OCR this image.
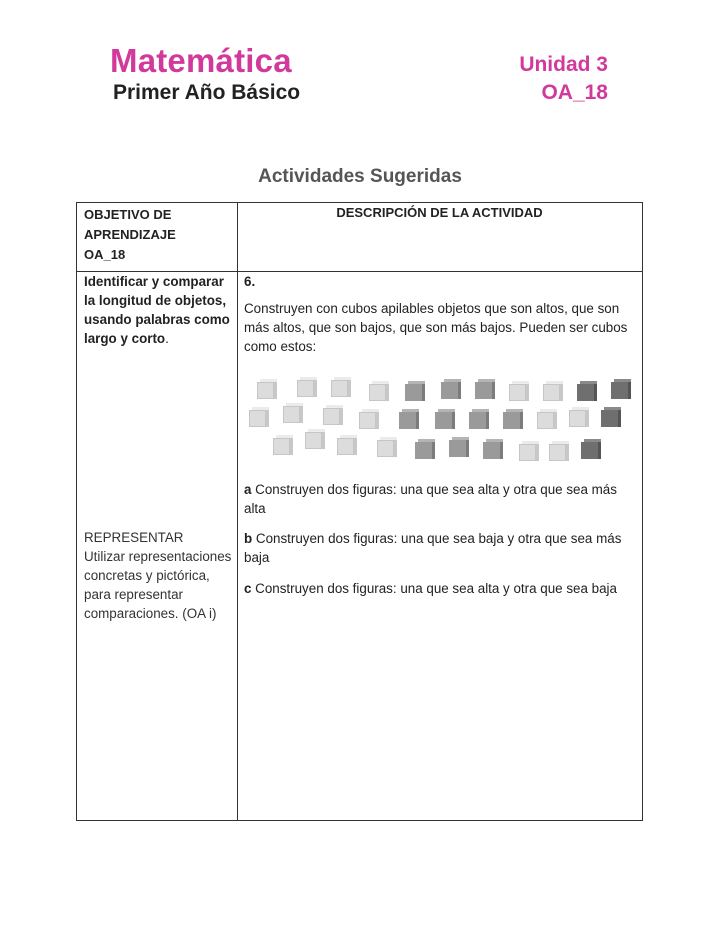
Matemática
Primer Año Básico
Unidad 3
OA_18
Actividades Sugeridas
OBJETIVO DE
APRENDIZAJE
OA_18
DESCRIPCIÓN DE LA ACTIVIDAD
Identificar y comparar la longitud de objetos, usando palabras como largo y corto.
REPRESENTAR
Utilizar representaciones concretas y pictórica, para representar comparaciones. (OA i)

6.

Construyen con cubos apilables objetos que son altos, que son más altos, que son bajos, que son más bajos. Pueden ser cubos como estos:

a Construyen dos figuras: una que sea alta y otra que sea más alta
b Construyen dos figuras: una que sea baja y otra que sea más baja
c Construyen dos figuras: una que sea alta y otra que sea baja
